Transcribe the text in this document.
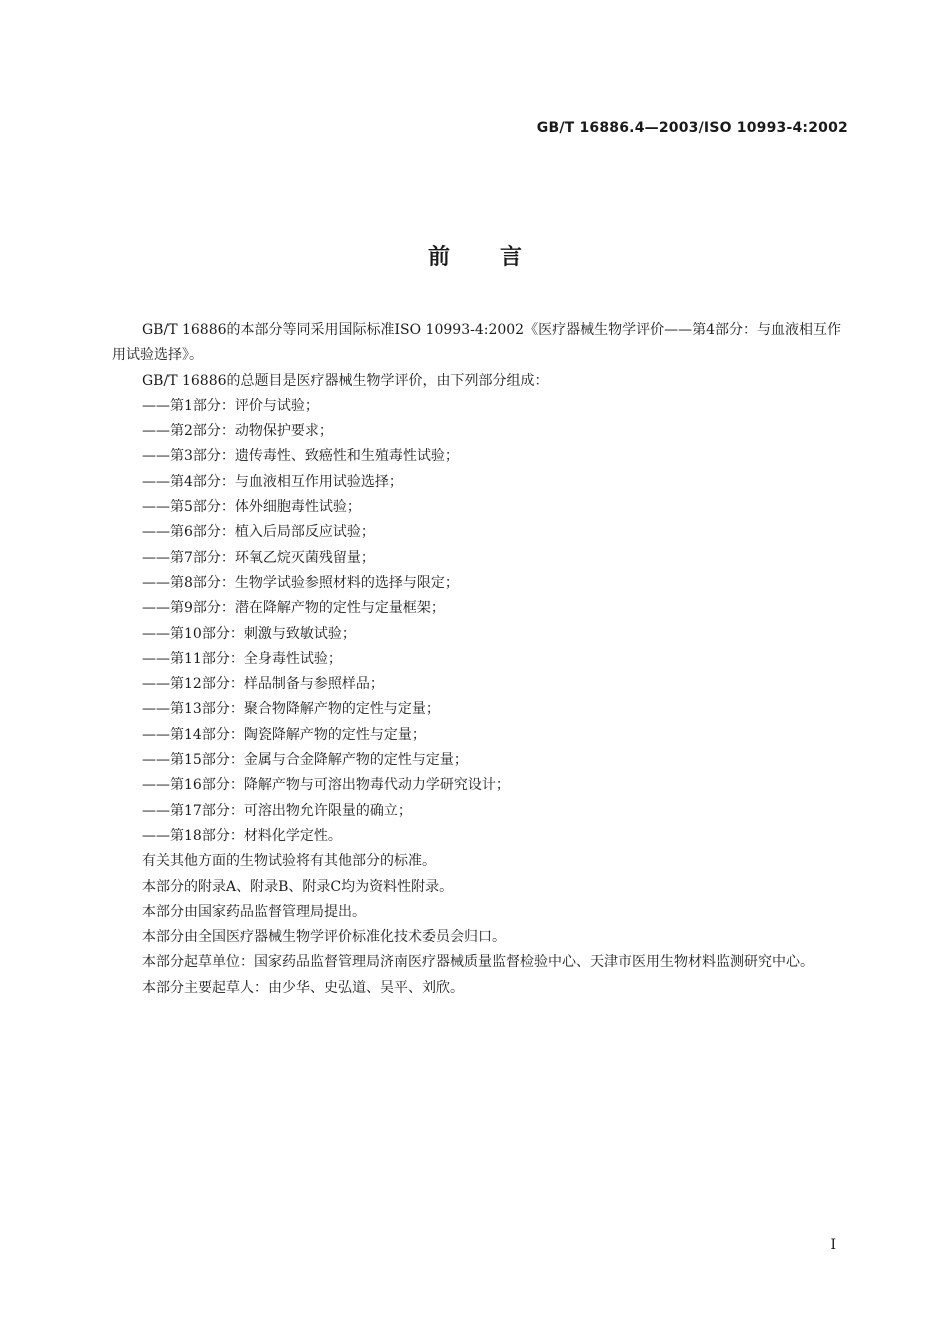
GB/T 16886.4—2003/ISO 10993-4:2002
前言

GB/T 16886的本部分等同采用国际标准ISO 10993-4:2002《医疗器械生物学评价——第4部分：与血液相互作用试验选择》。

GB/T 16886的总题目是医疗器械生物学评价，由下列部分组成：

——第1部分：评价与试验；
——第2部分：动物保护要求；
——第3部分：遗传毒性、致癌性和生殖毒性试验；
——第4部分：与血液相互作用试验选择；
——第5部分：体外细胞毒性试验；
——第6部分：植入后局部反应试验；
——第7部分：环氧乙烷灭菌残留量；
——第8部分：生物学试验参照材料的选择与限定；
——第9部分：潜在降解产物的定性与定量框架；
——第10部分：刺激与致敏试验；
——第11部分：全身毒性试验；
——第12部分：样品制备与参照样品；
——第13部分：聚合物降解产物的定性与定量；
——第14部分：陶瓷降解产物的定性与定量；
——第15部分：金属与合金降解产物的定性与定量；
——第16部分：降解产物与可溶出物毒代动力学研究设计；
——第17部分：可溶出物允许限量的确立；
——第18部分：材料化学定性。

有关其他方面的生物试验将有其他部分的标准。

本部分的附录A、附录B、附录C均为资料性附录。

本部分由国家药品监督管理局提出。

本部分由全国医疗器械生物学评价标准化技术委员会归口。

本部分起草单位：国家药品监督管理局济南医疗器械质量监督检验中心、天津市医用生物材料监测研究中心。

本部分主要起草人：由少华、史弘道、吴平、刘欣。

I
